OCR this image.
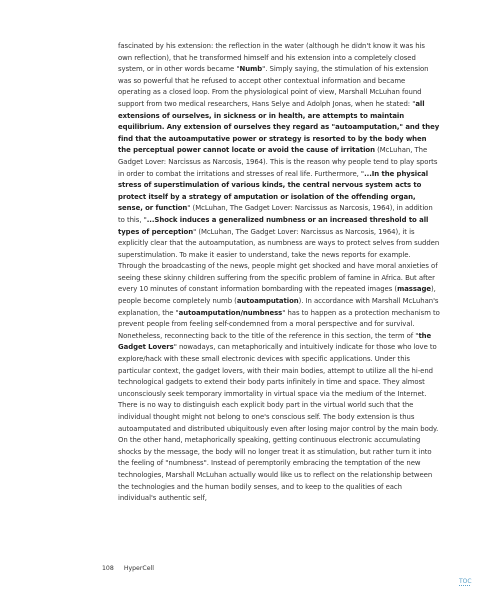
fascinated by his extension: the reflection in the water (although he didn't know it was his own reflection), that he transformed himself and his extension into a completely closed system, or in other words became "Numb". Simply saying, the stimulation of his extension was so powerful that he refused to accept other contextual information and became operating as a closed loop. From the physiological point of view, Marshall McLuhan found support from two medical researchers, Hans Selye and Adolph Jonas, when he stated: "all extensions of ourselves, in sickness or in health, are attempts to maintain equilibrium. Any extension of ourselves they regard as "autoamputation," and they find that the autoamputative power or strategy is resorted to by the body when the perceptual power cannot locate or avoid the cause of irritation (McLuhan, The Gadget Lover: Narcissus as Narcosis, 1964). This is the reason why people tend to play sports in order to combat the irritations and stresses of real life. Furthermore, "...In the physical stress of superstimulation of various kinds, the central nervous system acts to protect itself by a strategy of amputation or isolation of the offending organ, sense, or function" (McLuhan, The Gadget Lover: Narcissus as Narcosis, 1964), in addition to this, "...Shock induces a generalized numbness or an increased threshold to all types of perception" (McLuhan, The Gadget Lover: Narcissus as Narcosis, 1964), it is explicitly clear that the autoamputation, as numbness are ways to protect selves from sudden superstimulation. To make it easier to understand, take the news reports for example. Through the broadcasting of the news, people might get shocked and have moral anxieties of seeing these skinny children suffering from the specific problem of famine in Africa. But after every 10 minutes of constant information bombarding with the repeated images (massage), people become completely numb (autoamputation). In accordance with Marshall McLuhan's explanation, the "autoamputation/numbness" has to happen as a protection mechanism to prevent people from feeling self-condemned from a moral perspective and for survival. Nonetheless, reconnecting back to the title of the reference in this section, the term of "the Gadget Lovers" nowadays, can metaphorically and intuitively indicate for those who love to explore/hack with these small electronic devices with specific applications. Under this particular context, the gadget lovers, with their main bodies, attempt to utilize all the hi-end technological gadgets to extend their body parts infinitely in time and space. They almost unconsciously seek temporary immortality in virtual space via the medium of the Internet. There is no way to distinguish each explicit body part in the virtual world such that the individual thought might not belong to one's conscious self. The body extension is thus autoamputated and distributed ubiquitously even after losing major control by the main body. On the other hand, metaphorically speaking, getting continuous electronic accumulating shocks by the message, the body will no longer treat it as stimulation, but rather turn it into the feeling of "numbness". Instead of peremptorily embracing the temptation of the new technologies, Marshall McLuhan actually would like us to reflect on the relationship between the technologies and the human bodily senses, and to keep to the qualities of each individual's authentic self,

108 HyperCell
TOC
